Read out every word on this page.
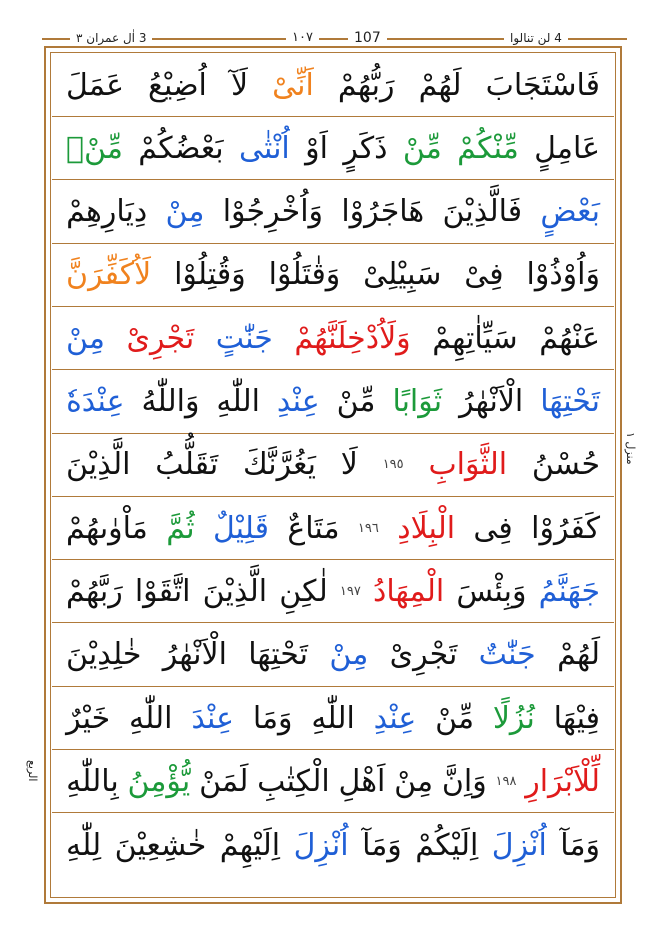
4 لن تنالوا
107
١٠٧
3 اٰل عمران ٣
فَاسْتَجَابَ
لَهُمْ
رَبُّهُمْ
اَنِّىْ
لَآ
اُضِيْعُ
عَمَلَ
عَامِلٍ
مِّنْكُمْ
مِّنْ
ذَكَرٍ
اَوْ
اُنْثٰى
بَعْضُكُمْ
مِّنْۢ
بَعْضٍ
فَالَّذِيْنَ
هَاجَرُوْا
وَاُخْرِجُوْا
مِنْ
دِيَارِهِمْ
وَاُوْذُوْا
فِىْ
سَبِيْلِىْ
وَقٰتَلُوْا
وَقُتِلُوْا
لَاُكَفِّرَنَّ
عَنْهُمْ
سَيِّاٰتِهِمْ
وَلَاُدْخِلَنَّهُمْ
جَنّٰتٍ
تَجْرِىْ
مِنْ
تَحْتِهَا
الْاَنْهٰرُ
ثَوَابًا
مِّنْ
عِنْدِ
اللّٰهِ
وَاللّٰهُ
عِنْدَهٗ
حُسْنُ
الثَّوَابِ
١٩٥
لَا
يَغُرَّنَّكَ
تَقَلُّبُ
الَّذِيْنَ
كَفَرُوْا
فِى
الْبِلَادِ
١٩٦
مَتَاعٌ
قَلِيْلٌ
ثُمَّ
مَاْوٰىهُمْ
جَهَنَّمُ
وَبِئْسَ
الْمِهَادُ
١٩٧
لٰكِنِ
الَّذِيْنَ
اتَّقَوْا
رَبَّهُمْ
لَهُمْ
جَنّٰتٌ
تَجْرِىْ
مِنْ
تَحْتِهَا
الْاَنْهٰرُ
خٰلِدِيْنَ
فِيْهَا
نُزُلًا
مِّنْ
عِنْدِ
اللّٰهِ
وَمَا
عِنْدَ
اللّٰهِ
خَيْرٌ
لِّلْاَبْرَارِ
١٩٨
وَاِنَّ
مِنْ
اَهْلِ
الْكِتٰبِ
لَمَنْ
يُّؤْمِنُ
بِاللّٰهِ
وَمَآ
اُنْزِلَ
اِلَيْكُمْ
وَمَآ
اُنْزِلَ
اِلَيْهِمْ
خٰشِعِيْنَ
لِلّٰهِ
منزل ١
الربع
